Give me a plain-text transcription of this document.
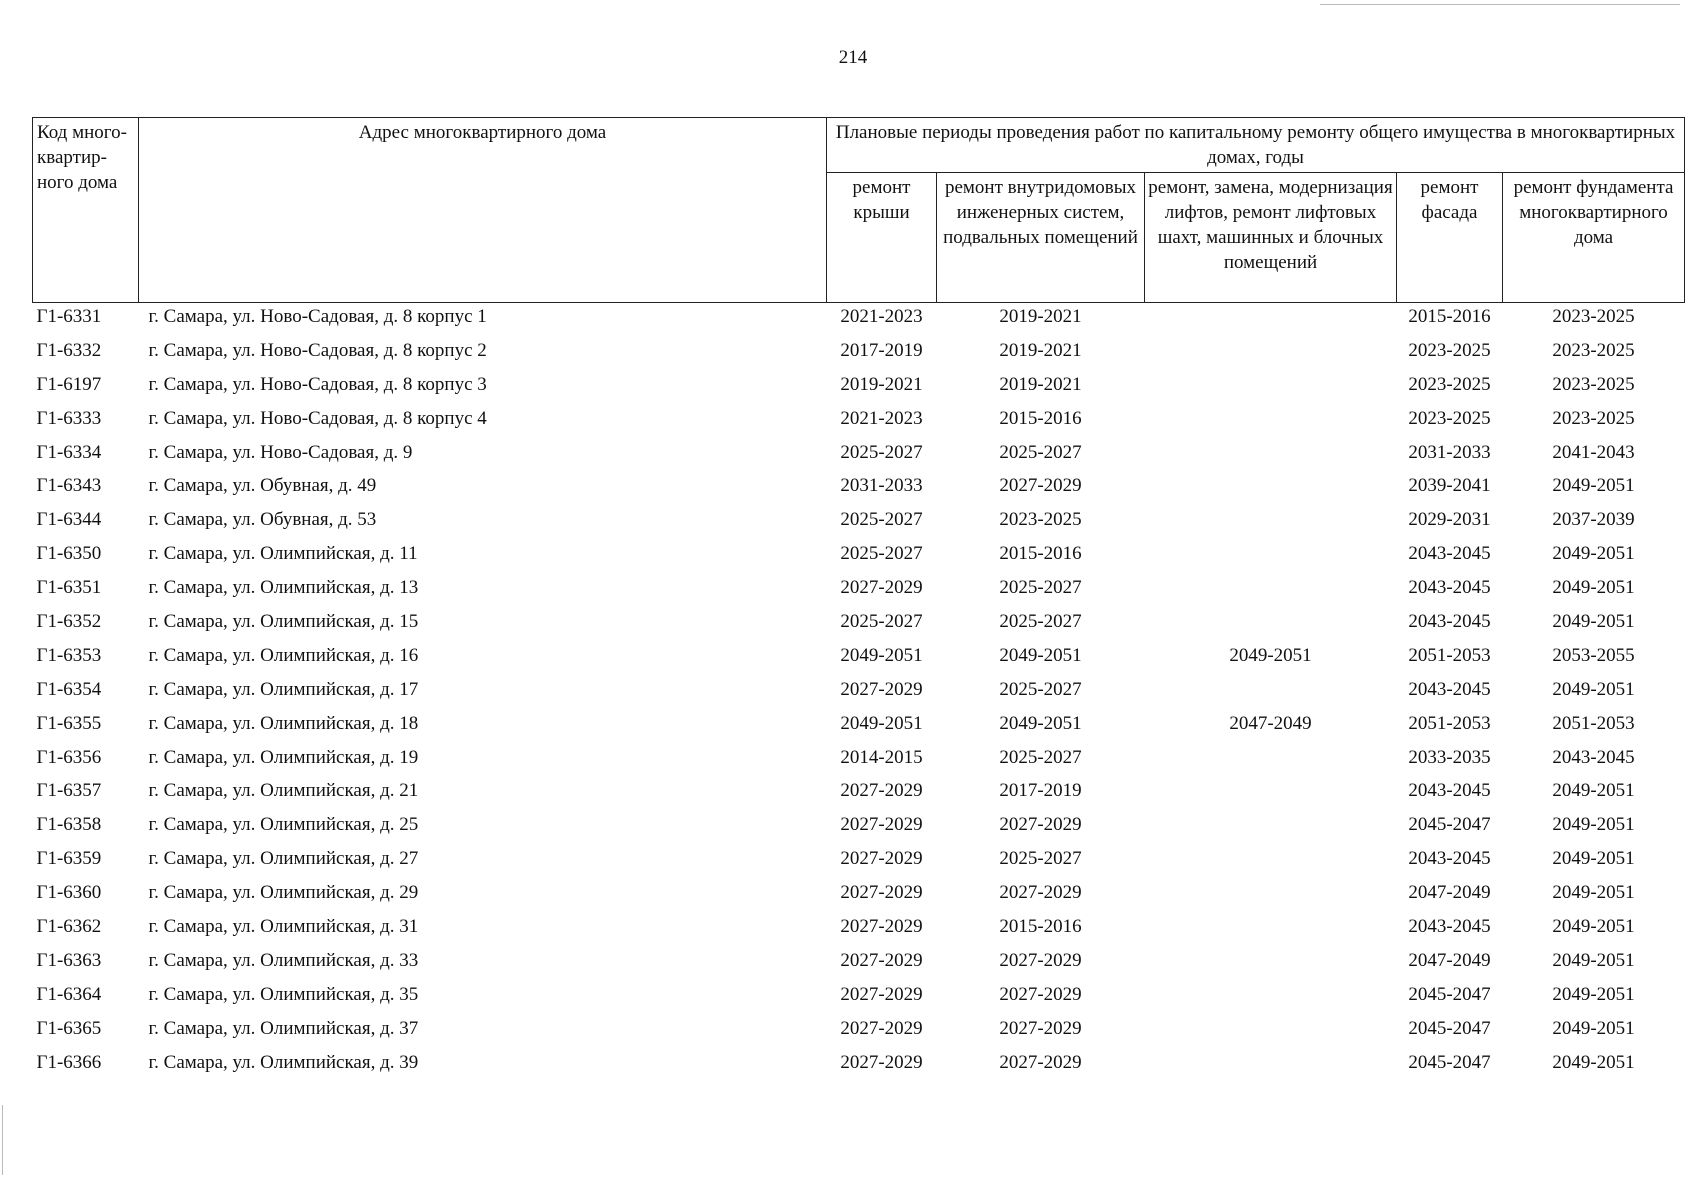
214
Код много-квартир-ного дома	Адрес многоквартирного дома	Плановые периоды проведения работ по капитальному ремонту общего имущества в многоквартирных домах, годы				
		ремонт крыши	ремонт внутридомовых инженерных систем, подвальных помещений	ремонт, замена, модернизация лифтов, ремонт лифтовых шахт, машинных и блочных помещений	ремонт фасада	ремонт фундамента многоквартирного дома
Г1-6331	г. Самара, ул. Ново-Садовая, д. 8 корпус 1	2021-2023	2019-2021		2015-2016	2023-2025
Г1-6332	г. Самара, ул. Ново-Садовая, д. 8 корпус 2	2017-2019	2019-2021		2023-2025	2023-2025
Г1-6197	г. Самара, ул. Ново-Садовая, д. 8 корпус 3	2019-2021	2019-2021		2023-2025	2023-2025
Г1-6333	г. Самара, ул. Ново-Садовая, д. 8 корпус 4	2021-2023	2015-2016		2023-2025	2023-2025
Г1-6334	г. Самара, ул. Ново-Садовая, д. 9	2025-2027	2025-2027		2031-2033	2041-2043
Г1-6343	г. Самара, ул. Обувная, д. 49	2031-2033	2027-2029		2039-2041	2049-2051
Г1-6344	г. Самара, ул. Обувная, д. 53	2025-2027	2023-2025		2029-2031	2037-2039
Г1-6350	г. Самара, ул. Олимпийская, д. 11	2025-2027	2015-2016		2043-2045	2049-2051
Г1-6351	г. Самара, ул. Олимпийская, д. 13	2027-2029	2025-2027		2043-2045	2049-2051
Г1-6352	г. Самара, ул. Олимпийская, д. 15	2025-2027	2025-2027		2043-2045	2049-2051
Г1-6353	г. Самара, ул. Олимпийская, д. 16	2049-2051	2049-2051	2049-2051	2051-2053	2053-2055
Г1-6354	г. Самара, ул. Олимпийская, д. 17	2027-2029	2025-2027		2043-2045	2049-2051
Г1-6355	г. Самара, ул. Олимпийская, д. 18	2049-2051	2049-2051	2047-2049	2051-2053	2051-2053
Г1-6356	г. Самара, ул. Олимпийская, д. 19	2014-2015	2025-2027		2033-2035	2043-2045
Г1-6357	г. Самара, ул. Олимпийская, д. 21	2027-2029	2017-2019		2043-2045	2049-2051
Г1-6358	г. Самара, ул. Олимпийская, д. 25	2027-2029	2027-2029		2045-2047	2049-2051
Г1-6359	г. Самара, ул. Олимпийская, д. 27	2027-2029	2025-2027		2043-2045	2049-2051
Г1-6360	г. Самара, ул. Олимпийская, д. 29	2027-2029	2027-2029		2047-2049	2049-2051
Г1-6362	г. Самара, ул. Олимпийская, д. 31	2027-2029	2015-2016		2043-2045	2049-2051
Г1-6363	г. Самара, ул. Олимпийская, д. 33	2027-2029	2027-2029		2047-2049	2049-2051
Г1-6364	г. Самара, ул. Олимпийская, д. 35	2027-2029	2027-2029		2045-2047	2049-2051
Г1-6365	г. Самара, ул. Олимпийская, д. 37	2027-2029	2027-2029		2045-2047	2049-2051
Г1-6366	г. Самара, ул. Олимпийская, д. 39	2027-2029	2027-2029		2045-2047	2049-2051
